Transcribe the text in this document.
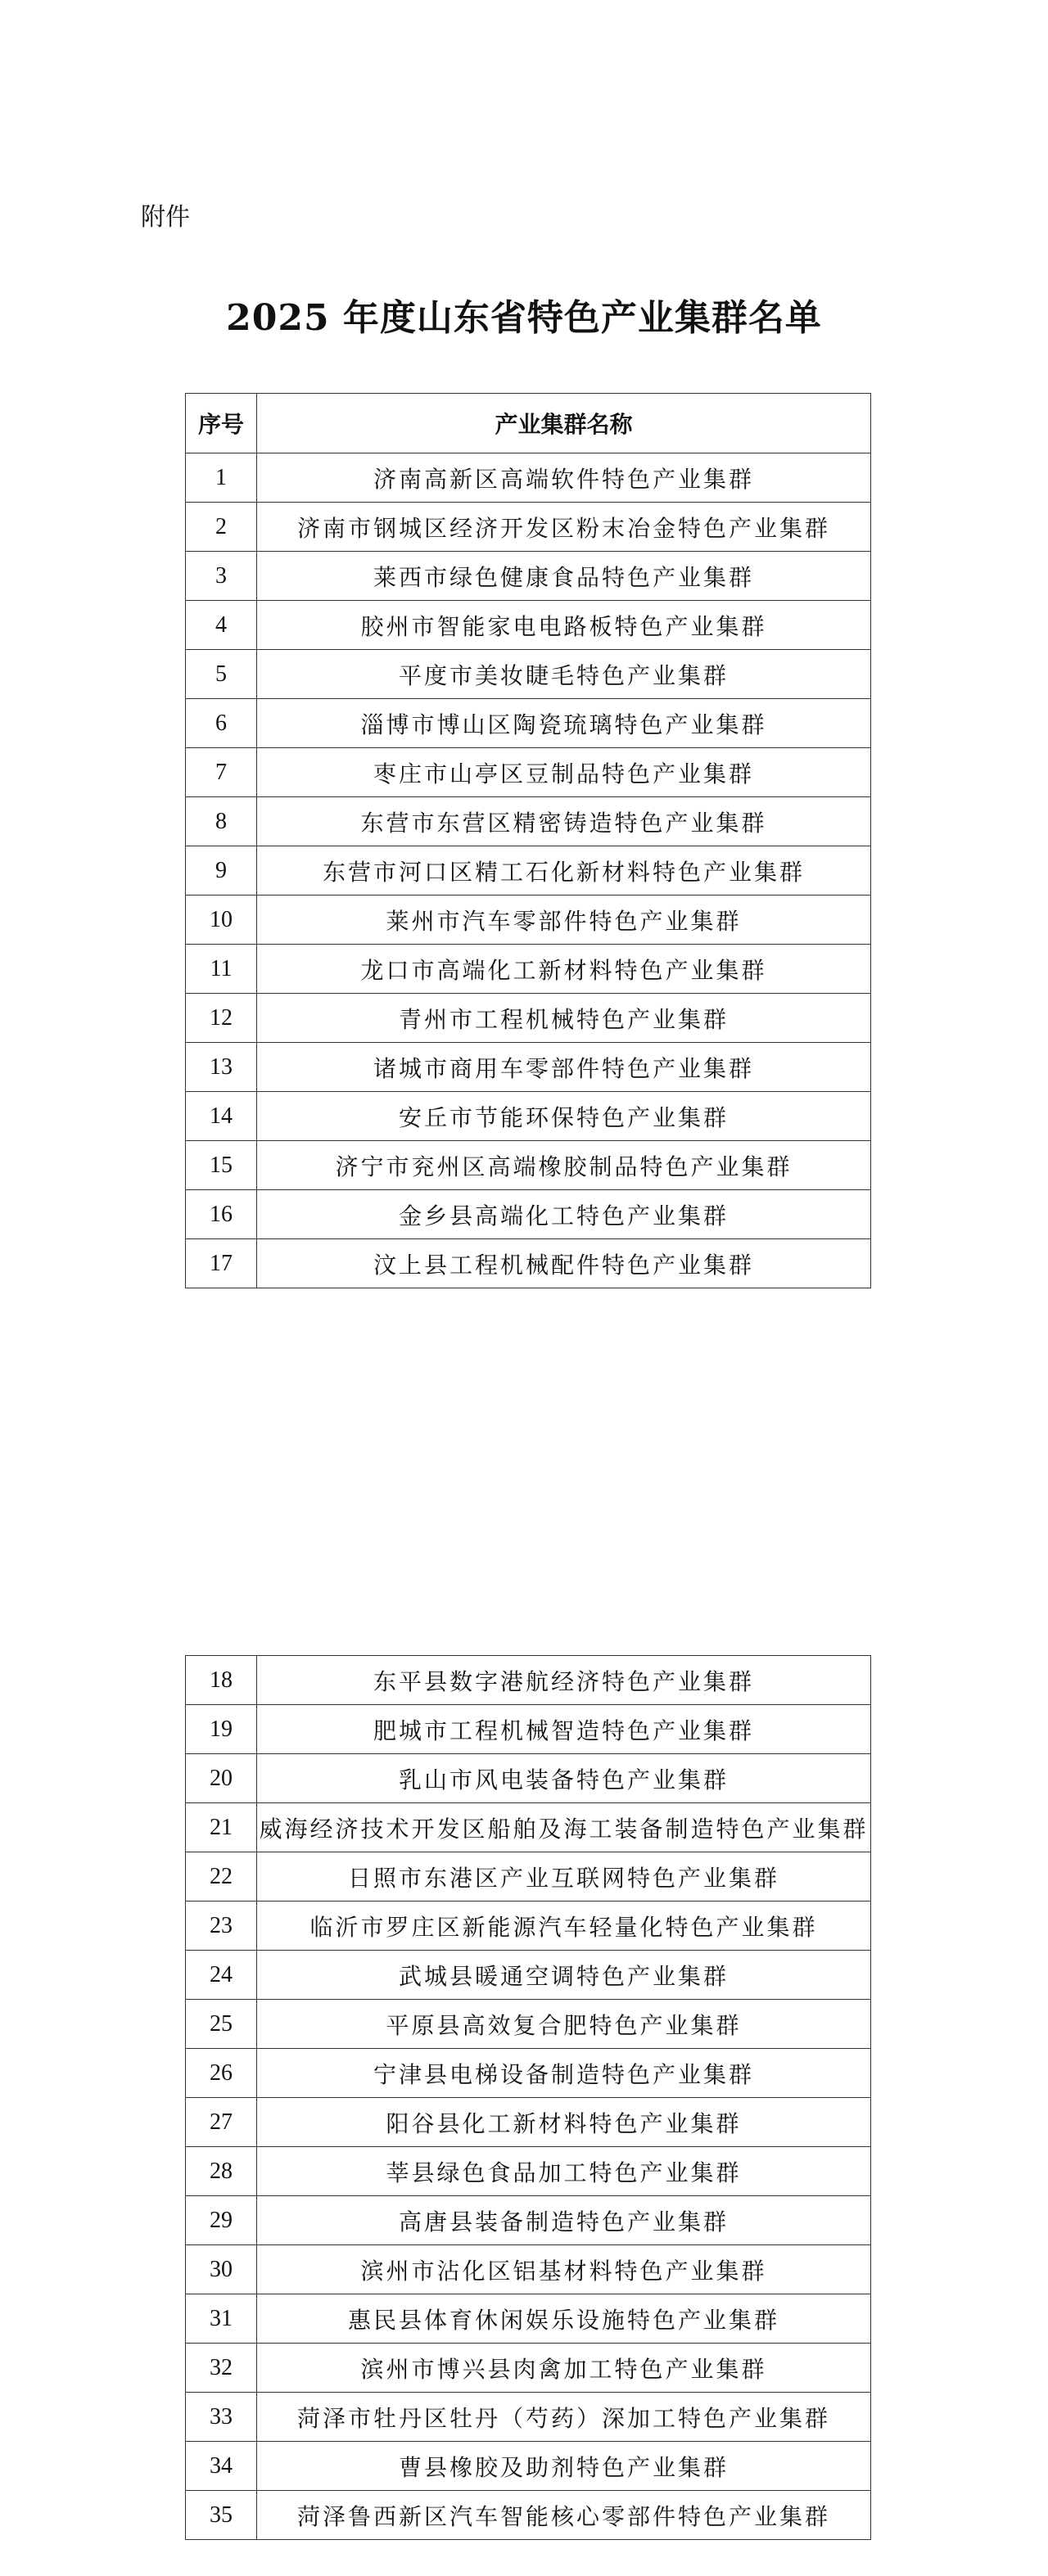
附件
2025 年度山东省特色产业集群名单
序号	产业集群名称
1	济南高新区高端软件特色产业集群
2	济南市钢城区经济开发区粉末冶金特色产业集群
3	莱西市绿色健康食品特色产业集群
4	胶州市智能家电电路板特色产业集群
5	平度市美妆睫毛特色产业集群
6	淄博市博山区陶瓷琉璃特色产业集群
7	枣庄市山亭区豆制品特色产业集群
8	东营市东营区精密铸造特色产业集群
9	东营市河口区精工石化新材料特色产业集群
10	莱州市汽车零部件特色产业集群
11	龙口市高端化工新材料特色产业集群
12	青州市工程机械特色产业集群
13	诸城市商用车零部件特色产业集群
14	安丘市节能环保特色产业集群
15	济宁市兖州区高端橡胶制品特色产业集群
16	金乡县高端化工特色产业集群
17	汶上县工程机械配件特色产业集群
18	东平县数字港航经济特色产业集群
19	肥城市工程机械智造特色产业集群
20	乳山市风电装备特色产业集群
21	威海经济技术开发区船舶及海工装备制造特色产业集群
22	日照市东港区产业互联网特色产业集群
23	临沂市罗庄区新能源汽车轻量化特色产业集群
24	武城县暖通空调特色产业集群
25	平原县高效复合肥特色产业集群
26	宁津县电梯设备制造特色产业集群
27	阳谷县化工新材料特色产业集群
28	莘县绿色食品加工特色产业集群
29	高唐县装备制造特色产业集群
30	滨州市沾化区铝基材料特色产业集群
31	惠民县体育休闲娱乐设施特色产业集群
32	滨州市博兴县肉禽加工特色产业集群
33	菏泽市牡丹区牡丹（芍药）深加工特色产业集群
34	曹县橡胶及助剂特色产业集群
35	菏泽鲁西新区汽车智能核心零部件特色产业集群
